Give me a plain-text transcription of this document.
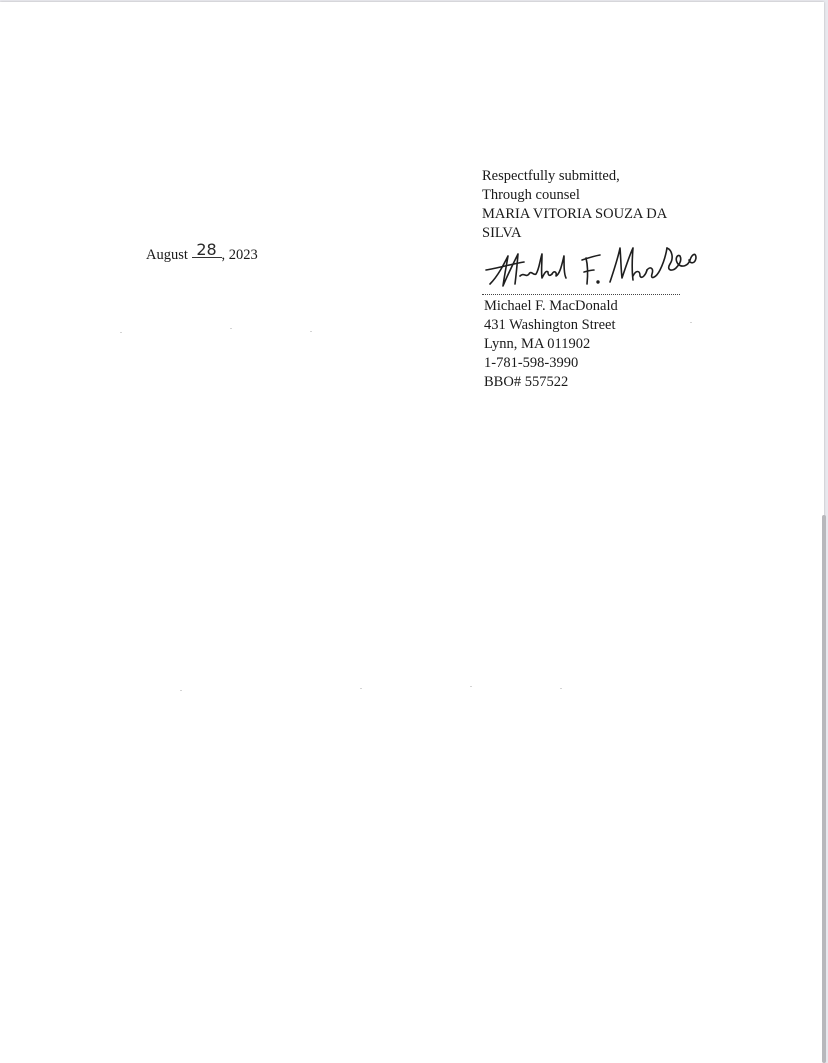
August 28 , 2023
Respectfully submitted,
Through counsel
MARIA VITORIA SOUZA DA SILVA
Michael F. MacDonald
431 Washington Street
Lynn, MA 011902
1-781-598-3990
BBO# 557522
